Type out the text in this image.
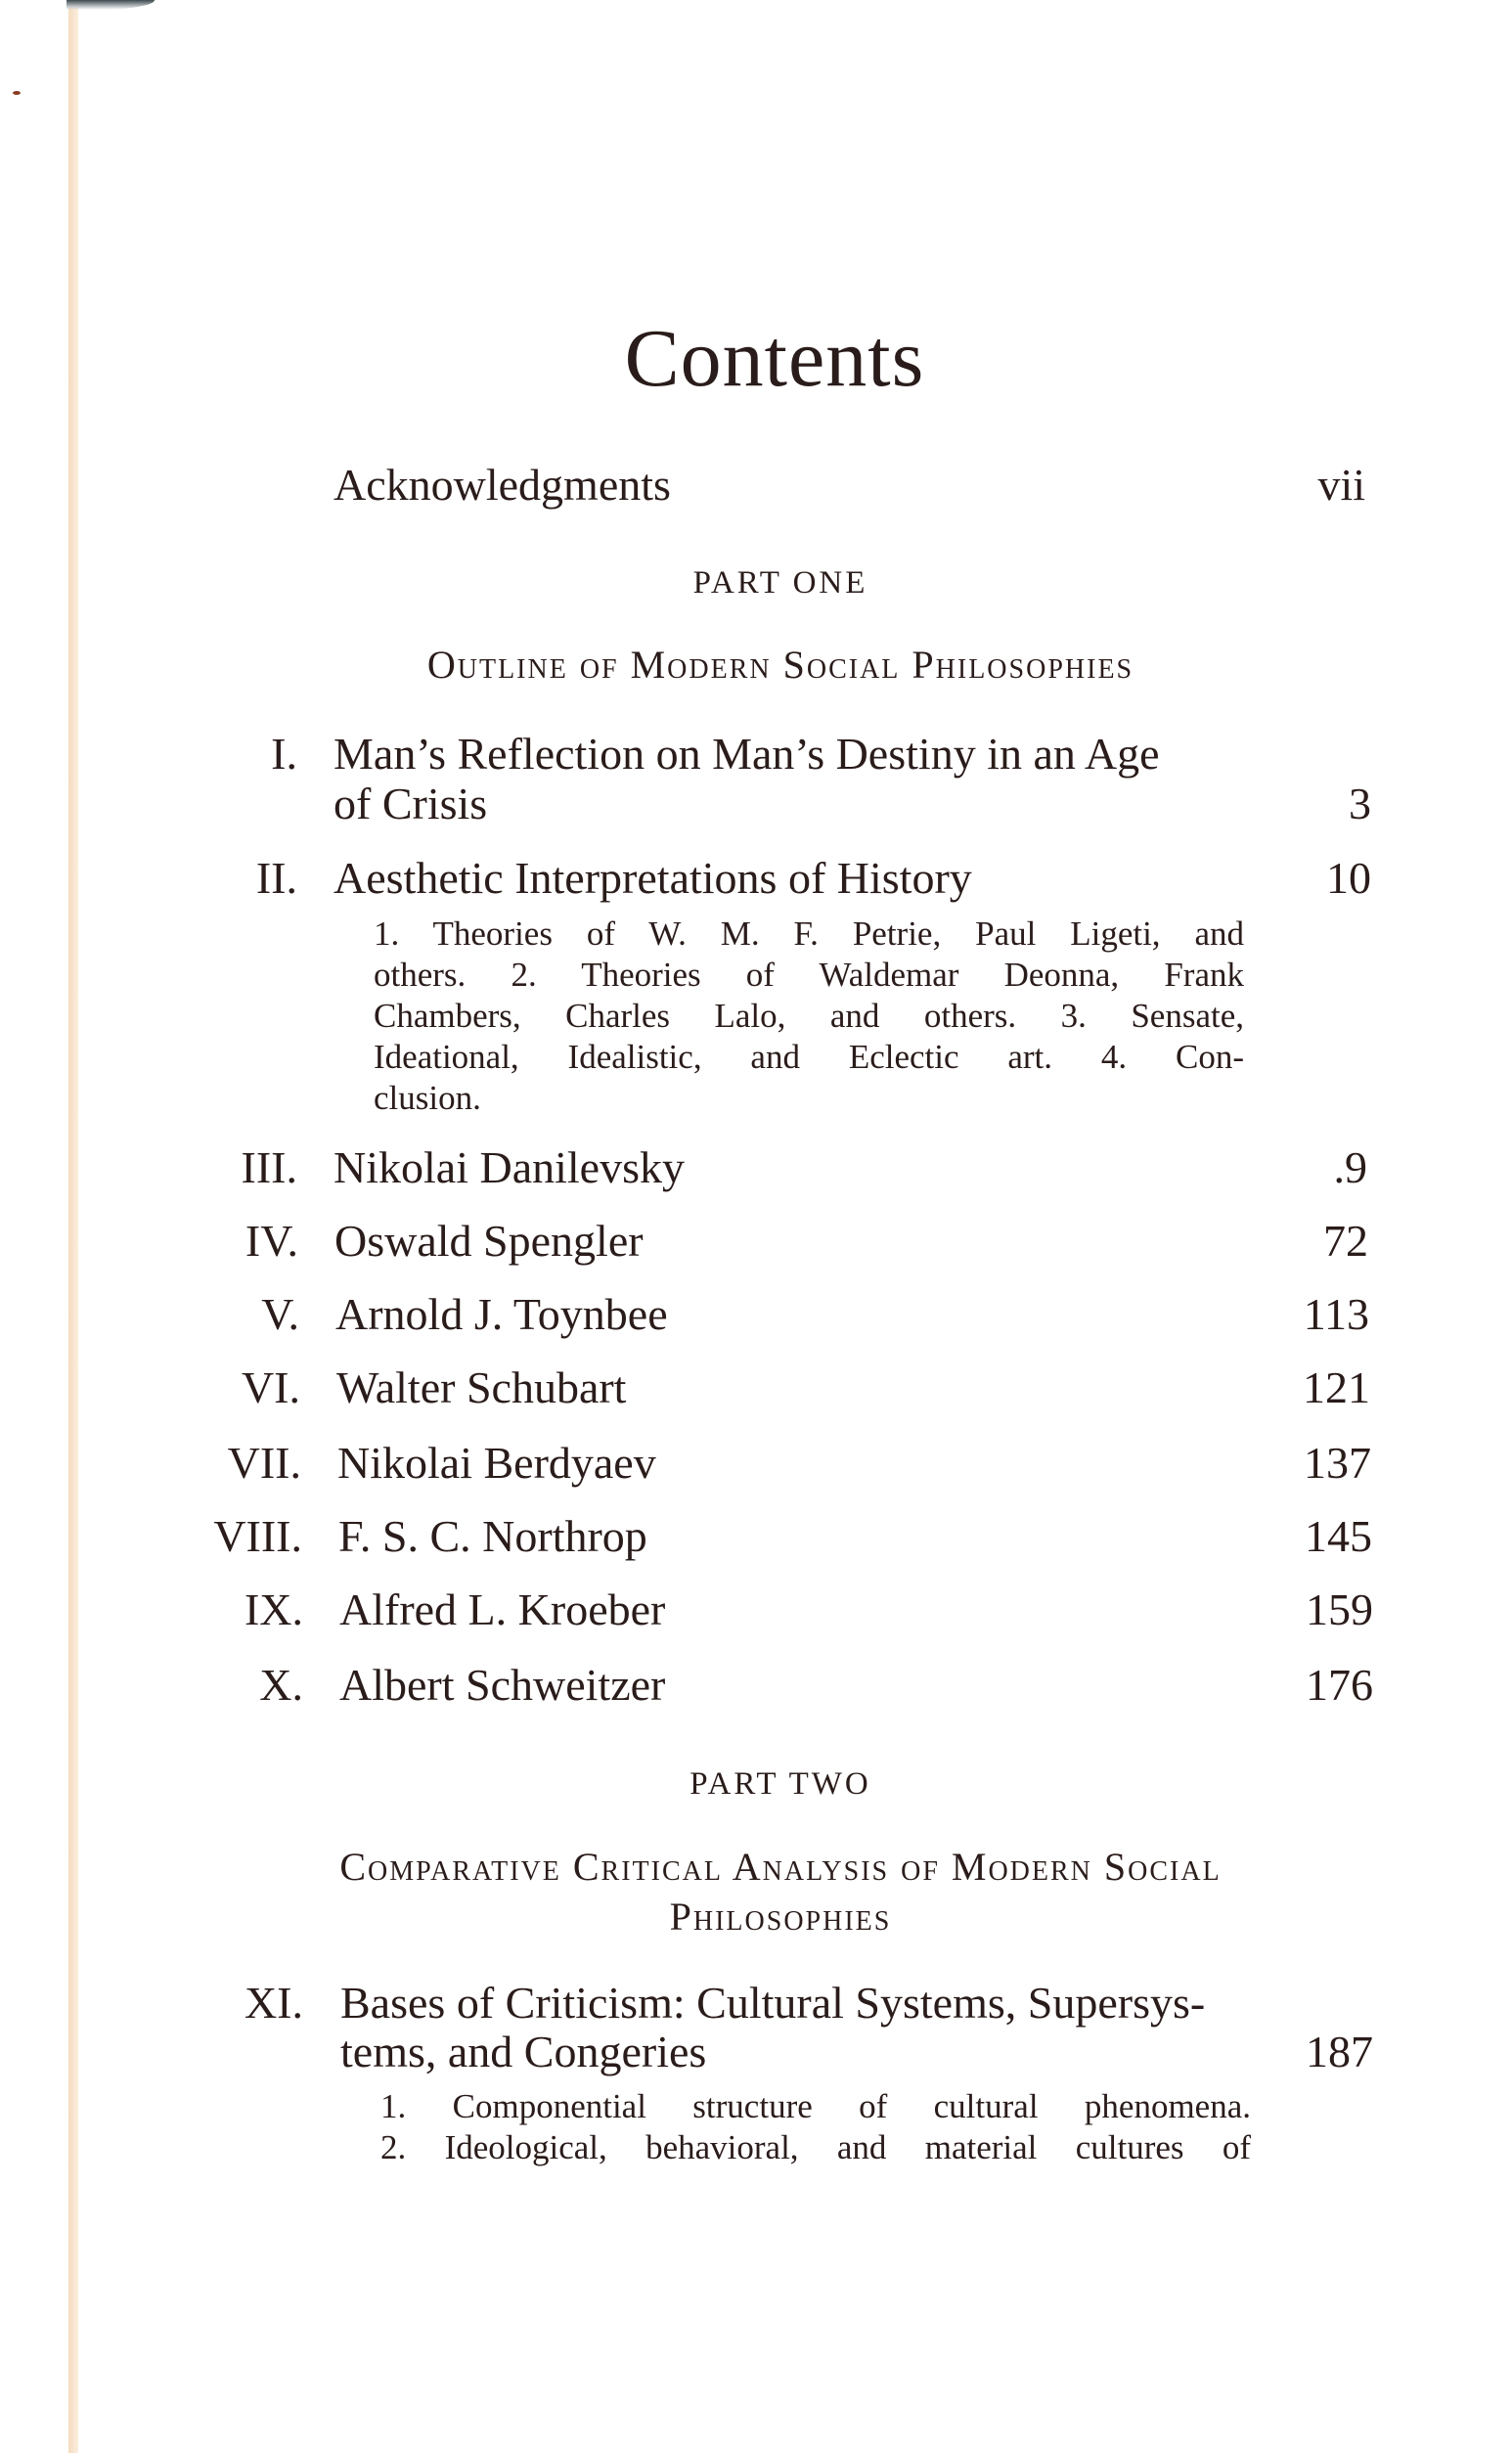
Contents
Acknowledgments	vii
PART ONE
Outline of Modern Social Philosophies
I. Man’s Reflection on Man’s Destiny in an Age
of Crisis	3
II. Aesthetic Interpretations of History	10
1. Theories of W. M. F. Petrie, Paul Ligeti, and
others. 2. Theories of Waldemar Deonna, Frank
Chambers, Charles Lalo, and others. 3. Sensate,
Ideational, Idealistic, and Eclectic art. 4. Con-
clusion.
III. Nikolai Danilevsky	.9
IV. Oswald Spengler	72
V. Arnold J. Toynbee	113
VI. Walter Schubart	121
VII. Nikolai Berdyaev	137
VIII. F. S. C. Northrop	145
IX. Alfred L. Kroeber	159
X. Albert Schweitzer	176
PART TWO
Comparative Critical Analysis of Modern Social
Philosophies
XI. Bases of Criticism: Cultural Systems, Supersys-
tems, and Congeries	187
1. Componential structure of cultural phenomena.
2. Ideological, behavioral, and material cultures of
